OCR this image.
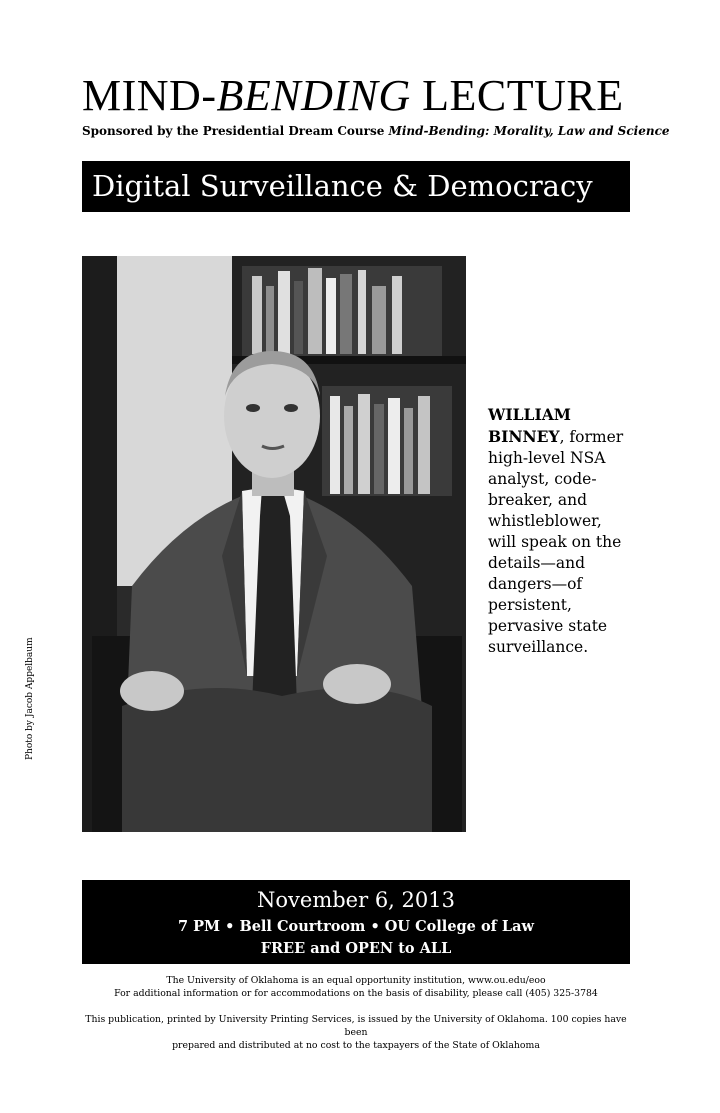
MIND-BENDING LECTURE
Sponsored by the Presidential Dream Course Mind-Bending: Morality, Law and Science
Digital Surveillance & Democracy
Photo by Jacob Appelbaum
WILLIAM BINNEY, former high-level NSA analyst, code-breaker, and whistleblower, will speak on the details—and dangers—of persistent, pervasive state surveillance.
November 6, 2013
7 PM • Bell Courtroom • OU College of Law
FREE and OPEN to ALL
The University of Oklahoma is an equal opportunity institution, www.ou.edu/eoo
For additional information or for accommodations on the basis of disability, please call (405) 325-3784
This publication, printed by University Printing Services, is issued by the University of Oklahoma. 100 copies have been
prepared and distributed at no cost to the taxpayers of the State of Oklahoma
